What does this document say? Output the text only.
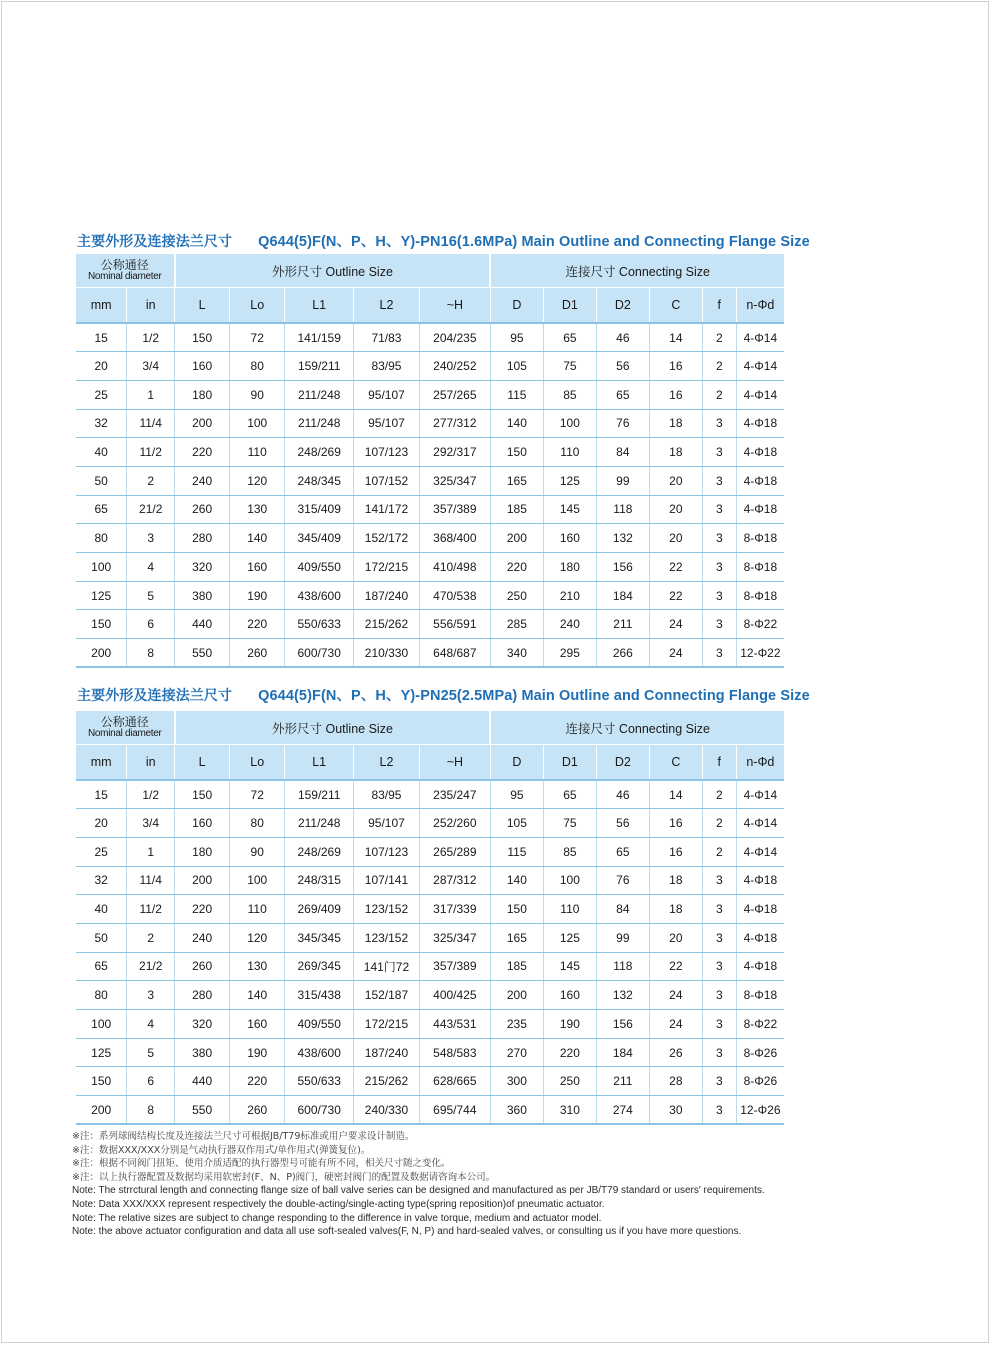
主要外形及连接法兰尺寸 Q644(5)F(N、P、H、Y)-PN16(1.6MPa) Main Outline and Connecting Flange Size
公称通径
Nominal diameter		外形尺寸 Outline Size					连接尺寸 Connecting Size					
mm	in	L	Lo	L1	L2	~H	D	D1	D2	C	f	n-Φd
15	1/2	150	72	141/159	71/83	204/235	95	65	46	14	2	4-Φ14
20	3/4	160	80	159/211	83/95	240/252	105	75	56	16	2	4-Φ14
25	1	180	90	211/248	95/107	257/265	115	85	65	16	2	4-Φ14
32	11/4	200	100	211/248	95/107	277/312	140	100	76	18	3	4-Φ18
40	11/2	220	110	248/269	107/123	292/317	150	110	84	18	3	4-Φ18
50	2	240	120	248/345	107/152	325/347	165	125	99	20	3	4-Φ18
65	21/2	260	130	315/409	141/172	357/389	185	145	118	20	3	4-Φ18
80	3	280	140	345/409	152/172	368/400	200	160	132	20	3	8-Φ18
100	4	320	160	409/550	172/215	410/498	220	180	156	22	3	8-Φ18
125	5	380	190	438/600	187/240	470/538	250	210	184	22	3	8-Φ18
150	6	440	220	550/633	215/262	556/591	285	240	211	24	3	8-Φ22
200	8	550	260	600/730	210/330	648/687	340	295	266	24	3	12-Φ22
主要外形及连接法兰尺寸 Q644(5)F(N、P、H、Y)-PN25(2.5MPa) Main Outline and Connecting Flange Size
公称通径
Nominal diameter		外形尺寸 Outline Size					连接尺寸 Connecting Size					
mm	in	L	Lo	L1	L2	~H	D	D1	D2	C	f	n-Φd
15	1/2	150	72	159/211	83/95	235/247	95	65	46	14	2	4-Φ14
20	3/4	160	80	211/248	95/107	252/260	105	75	56	16	2	4-Φ14
25	1	180	90	248/269	107/123	265/289	115	85	65	16	2	4-Φ14
32	11/4	200	100	248/315	107/141	287/312	140	100	76	18	3	4-Φ18
40	11/2	220	110	269/409	123/152	317/339	150	110	84	18	3	4-Φ18
50	2	240	120	345/345	123/152	325/347	165	125	99	20	3	4-Φ18
65	21/2	260	130	269/345	141门72	357/389	185	145	118	22	3	4-Φ18
80	3	280	140	315/438	152/187	400/425	200	160	132	24	3	8-Φ18
100	4	320	160	409/550	172/215	443/531	235	190	156	24	3	8-Φ22
125	5	380	190	438/600	187/240	548/583	270	220	184	26	3	8-Φ26
150	6	440	220	550/633	215/262	628/665	300	250	211	28	3	8-Φ26
200	8	550	260	600/730	240/330	695/744	360	310	274	30	3	12-Φ26
※注：系列球阀结构长度及连接法兰尺寸可根据JB/T79标准或用户要求设计制造。
※注：数据XXX/XXX分别是气动执行器双作用式/单作用式(弹簧复位)。
※注：根据不同阀门扭矩、使用介质适配的执行器型号可能有所不同，相关尺寸随之变化。
※注：以上执行器配置及数据均采用软密封(F、N、P)阀门，硬密封阀门的配置及数据请咨询本公司。
Note: The strrctural length and connecting flange size of ball valve series can be designed and manufactured as per JB/T79 standard or users' requirements.
Note: Data XXX/XXX represent respectively the double-acting/single-acting type(spring reposition)of pneumatic actuator.
Note: The relative sizes are subject to change responding to the difference in valve torque, medium and actuator model.
Note: the above actuator configuration and data all use soft-sealed valves(F, N, P) and hard-sealed valves, or consulting us if you have more questions.
